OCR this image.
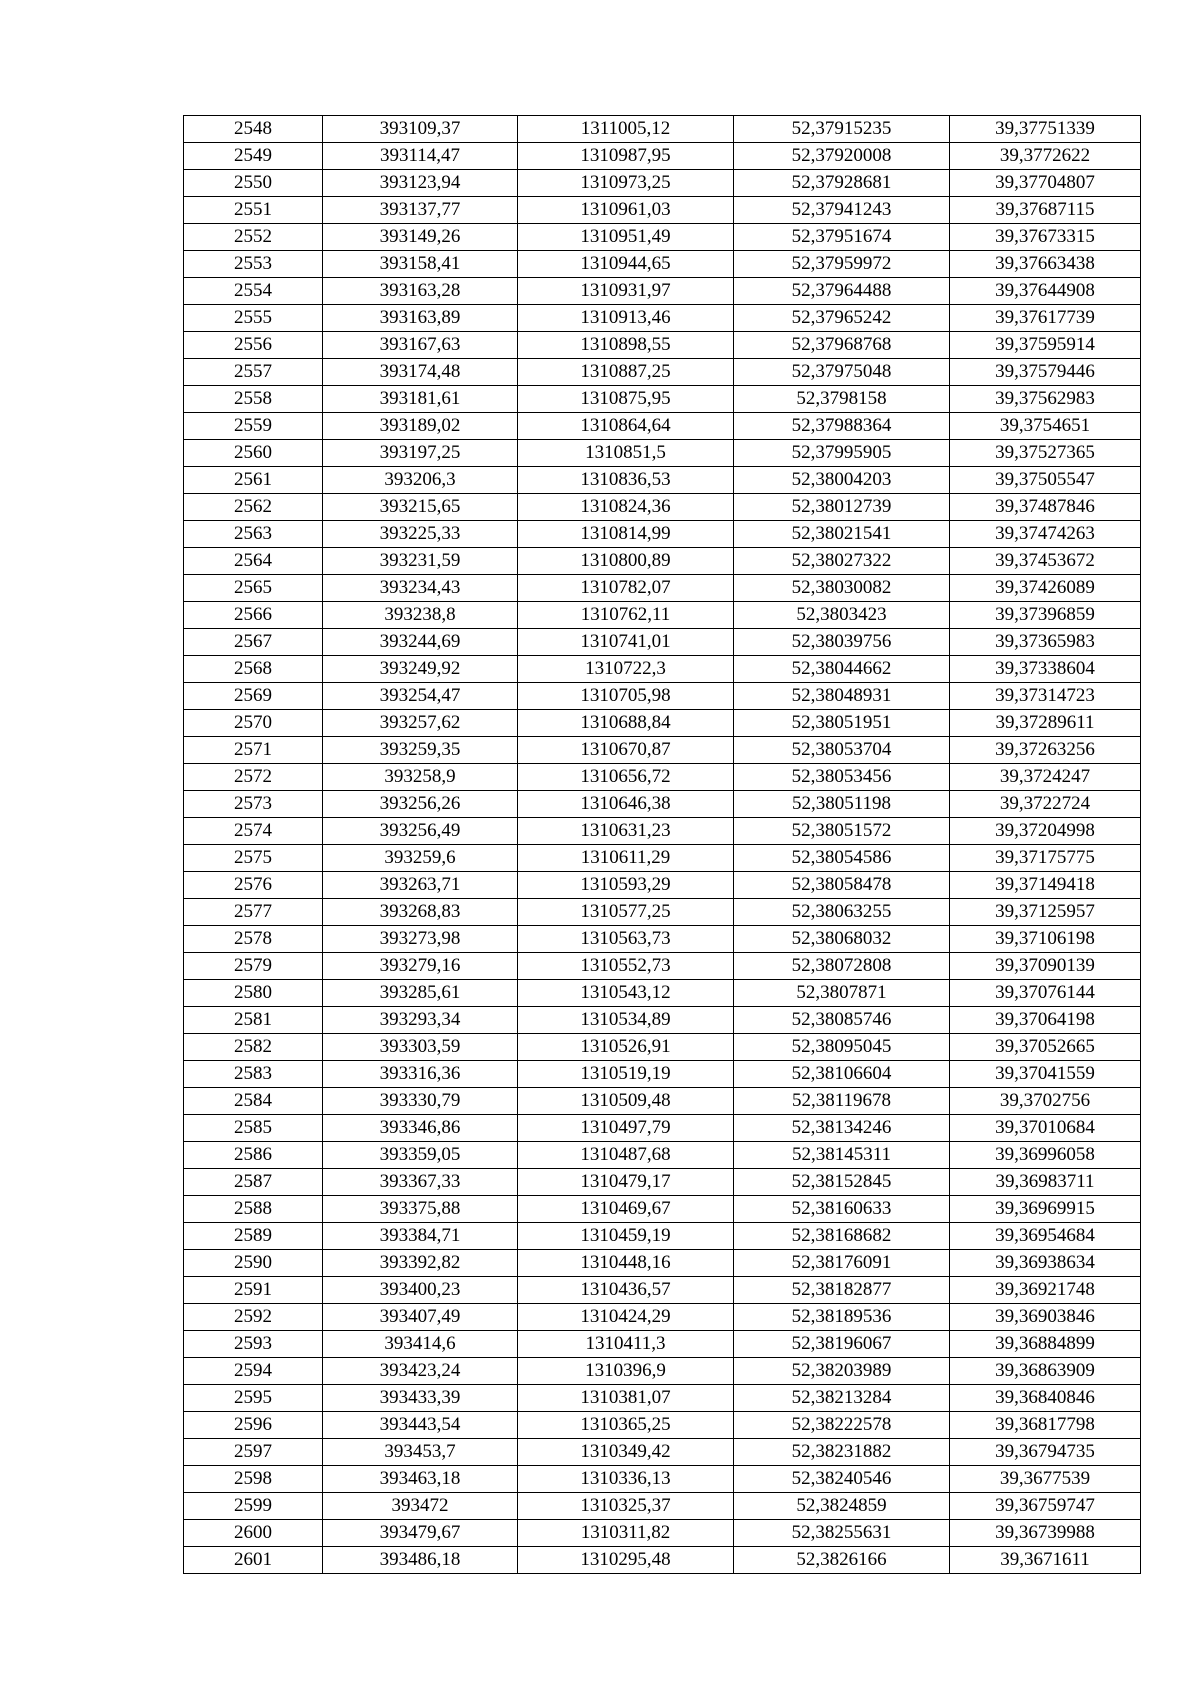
2548	393109,37	1311005,12	52,37915235	39,37751339
2549	393114,47	1310987,95	52,37920008	39,3772622
2550	393123,94	1310973,25	52,37928681	39,37704807
2551	393137,77	1310961,03	52,37941243	39,37687115
2552	393149,26	1310951,49	52,37951674	39,37673315
2553	393158,41	1310944,65	52,37959972	39,37663438
2554	393163,28	1310931,97	52,37964488	39,37644908
2555	393163,89	1310913,46	52,37965242	39,37617739
2556	393167,63	1310898,55	52,37968768	39,37595914
2557	393174,48	1310887,25	52,37975048	39,37579446
2558	393181,61	1310875,95	52,3798158	39,37562983
2559	393189,02	1310864,64	52,37988364	39,3754651
2560	393197,25	1310851,5	52,37995905	39,37527365
2561	393206,3	1310836,53	52,38004203	39,37505547
2562	393215,65	1310824,36	52,38012739	39,37487846
2563	393225,33	1310814,99	52,38021541	39,37474263
2564	393231,59	1310800,89	52,38027322	39,37453672
2565	393234,43	1310782,07	52,38030082	39,37426089
2566	393238,8	1310762,11	52,3803423	39,37396859
2567	393244,69	1310741,01	52,38039756	39,37365983
2568	393249,92	1310722,3	52,38044662	39,37338604
2569	393254,47	1310705,98	52,38048931	39,37314723
2570	393257,62	1310688,84	52,38051951	39,37289611
2571	393259,35	1310670,87	52,38053704	39,37263256
2572	393258,9	1310656,72	52,38053456	39,3724247
2573	393256,26	1310646,38	52,38051198	39,3722724
2574	393256,49	1310631,23	52,38051572	39,37204998
2575	393259,6	1310611,29	52,38054586	39,37175775
2576	393263,71	1310593,29	52,38058478	39,37149418
2577	393268,83	1310577,25	52,38063255	39,37125957
2578	393273,98	1310563,73	52,38068032	39,37106198
2579	393279,16	1310552,73	52,38072808	39,37090139
2580	393285,61	1310543,12	52,3807871	39,37076144
2581	393293,34	1310534,89	52,38085746	39,37064198
2582	393303,59	1310526,91	52,38095045	39,37052665
2583	393316,36	1310519,19	52,38106604	39,37041559
2584	393330,79	1310509,48	52,38119678	39,3702756
2585	393346,86	1310497,79	52,38134246	39,37010684
2586	393359,05	1310487,68	52,38145311	39,36996058
2587	393367,33	1310479,17	52,38152845	39,36983711
2588	393375,88	1310469,67	52,38160633	39,36969915
2589	393384,71	1310459,19	52,38168682	39,36954684
2590	393392,82	1310448,16	52,38176091	39,36938634
2591	393400,23	1310436,57	52,38182877	39,36921748
2592	393407,49	1310424,29	52,38189536	39,36903846
2593	393414,6	1310411,3	52,38196067	39,36884899
2594	393423,24	1310396,9	52,38203989	39,36863909
2595	393433,39	1310381,07	52,38213284	39,36840846
2596	393443,54	1310365,25	52,38222578	39,36817798
2597	393453,7	1310349,42	52,38231882	39,36794735
2598	393463,18	1310336,13	52,38240546	39,3677539
2599	393472	1310325,37	52,3824859	39,36759747
2600	393479,67	1310311,82	52,38255631	39,36739988
2601	393486,18	1310295,48	52,3826166	39,3671611
